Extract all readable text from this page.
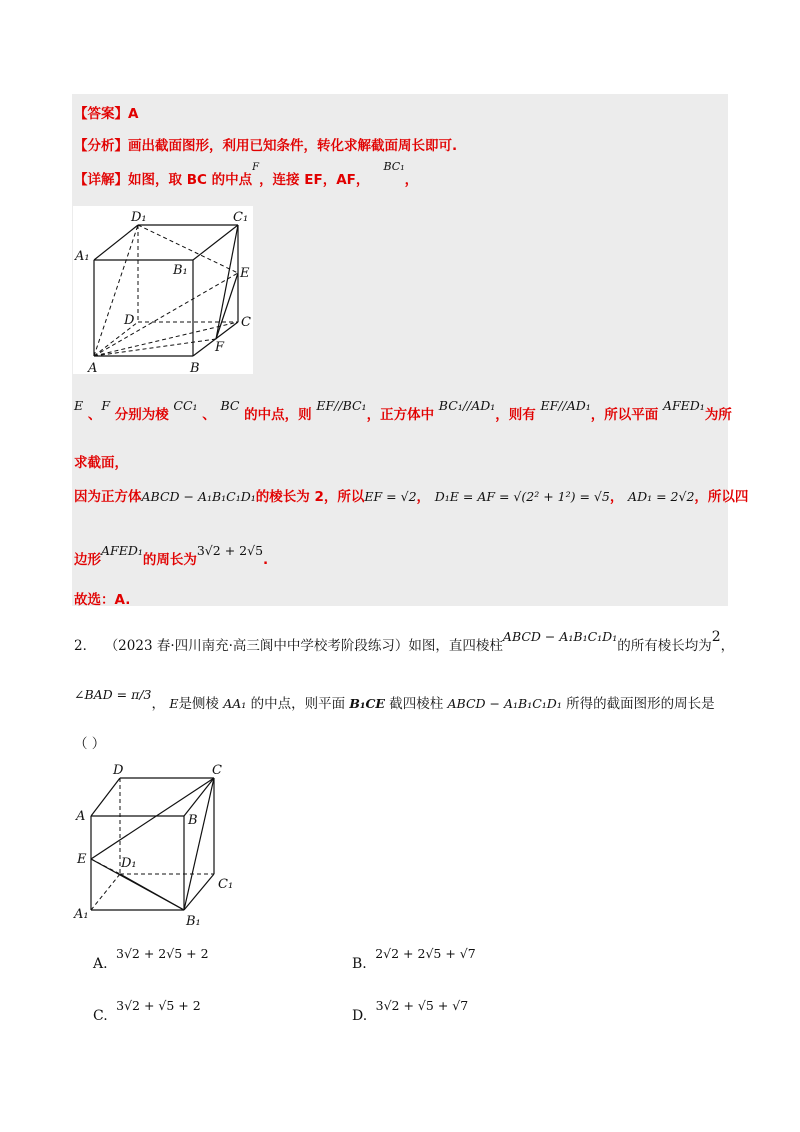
【答案】A
【分析】画出截面图形，利用已知条件，转化求解截面周长即可.
【详解】如图，取 BC 的中点$^F$，连接 EF，AF，   $^{BC_1}$，
D₁	C₁
A₁
B₁	E
D	C
F
A	B
E 、F 分别为棱 CC₁ 、 BC 的中点，则 EF//BC₁，正方体中 BC₁//AD₁，则有 EF//AD₁，所以平面 AFED₁为所
求截面，
因为正方体ABCD − A₁B₁C₁D₁的棱长为 2，所以EF = √2， D₁E = AF = √(2² + 1²) = √5， AD₁ = 2√2，所以四
边形AFED₁的周长为3√2 + 2√5.
故选：A.
2． （2023 春·四川南充·高三阆中中学校考阶段练习）如图，直四棱柱ABCD − A₁B₁C₁D₁的所有棱长均为2，
∠BAD = π/3， E是侧棱 AA₁ 的中点，则平面 B₁CE 截四棱柱 ABCD − A₁B₁C₁D₁ 所得的截面图形的周长是
（ ）
D	C
A	B
E	D₁
C₁
A₁	B₁
A. 3√2 + 2√5 + 2
B. 2√2 + 2√5 + √7
C. 3√2 + √5 + 2
D. 3√2 + √5 + √7
